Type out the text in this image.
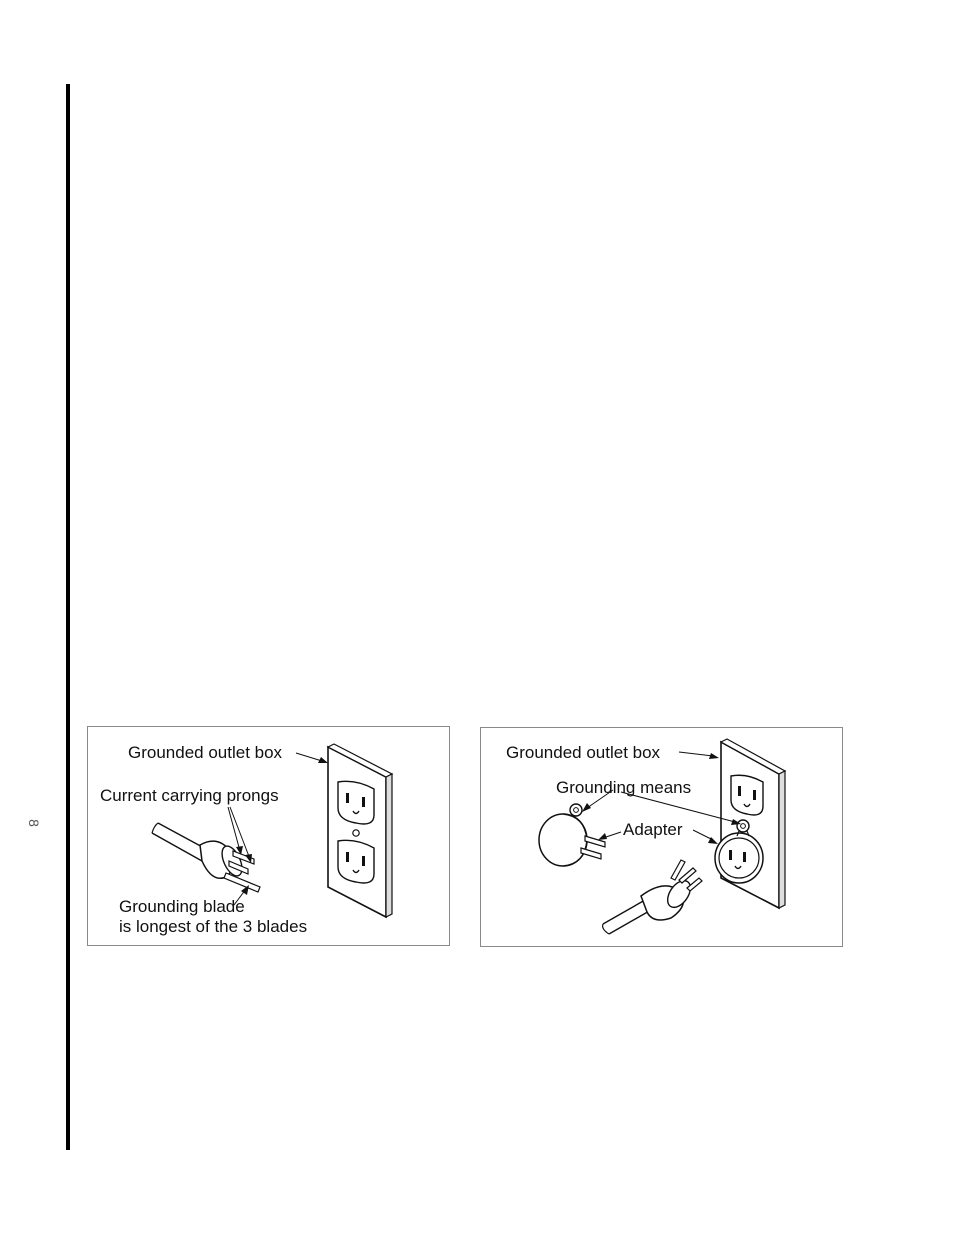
8
Grounded outlet box
Current carrying prongs
Grounding blade
is longest of the 3 blades
Grounded outlet box
Grounding means
Adapter
